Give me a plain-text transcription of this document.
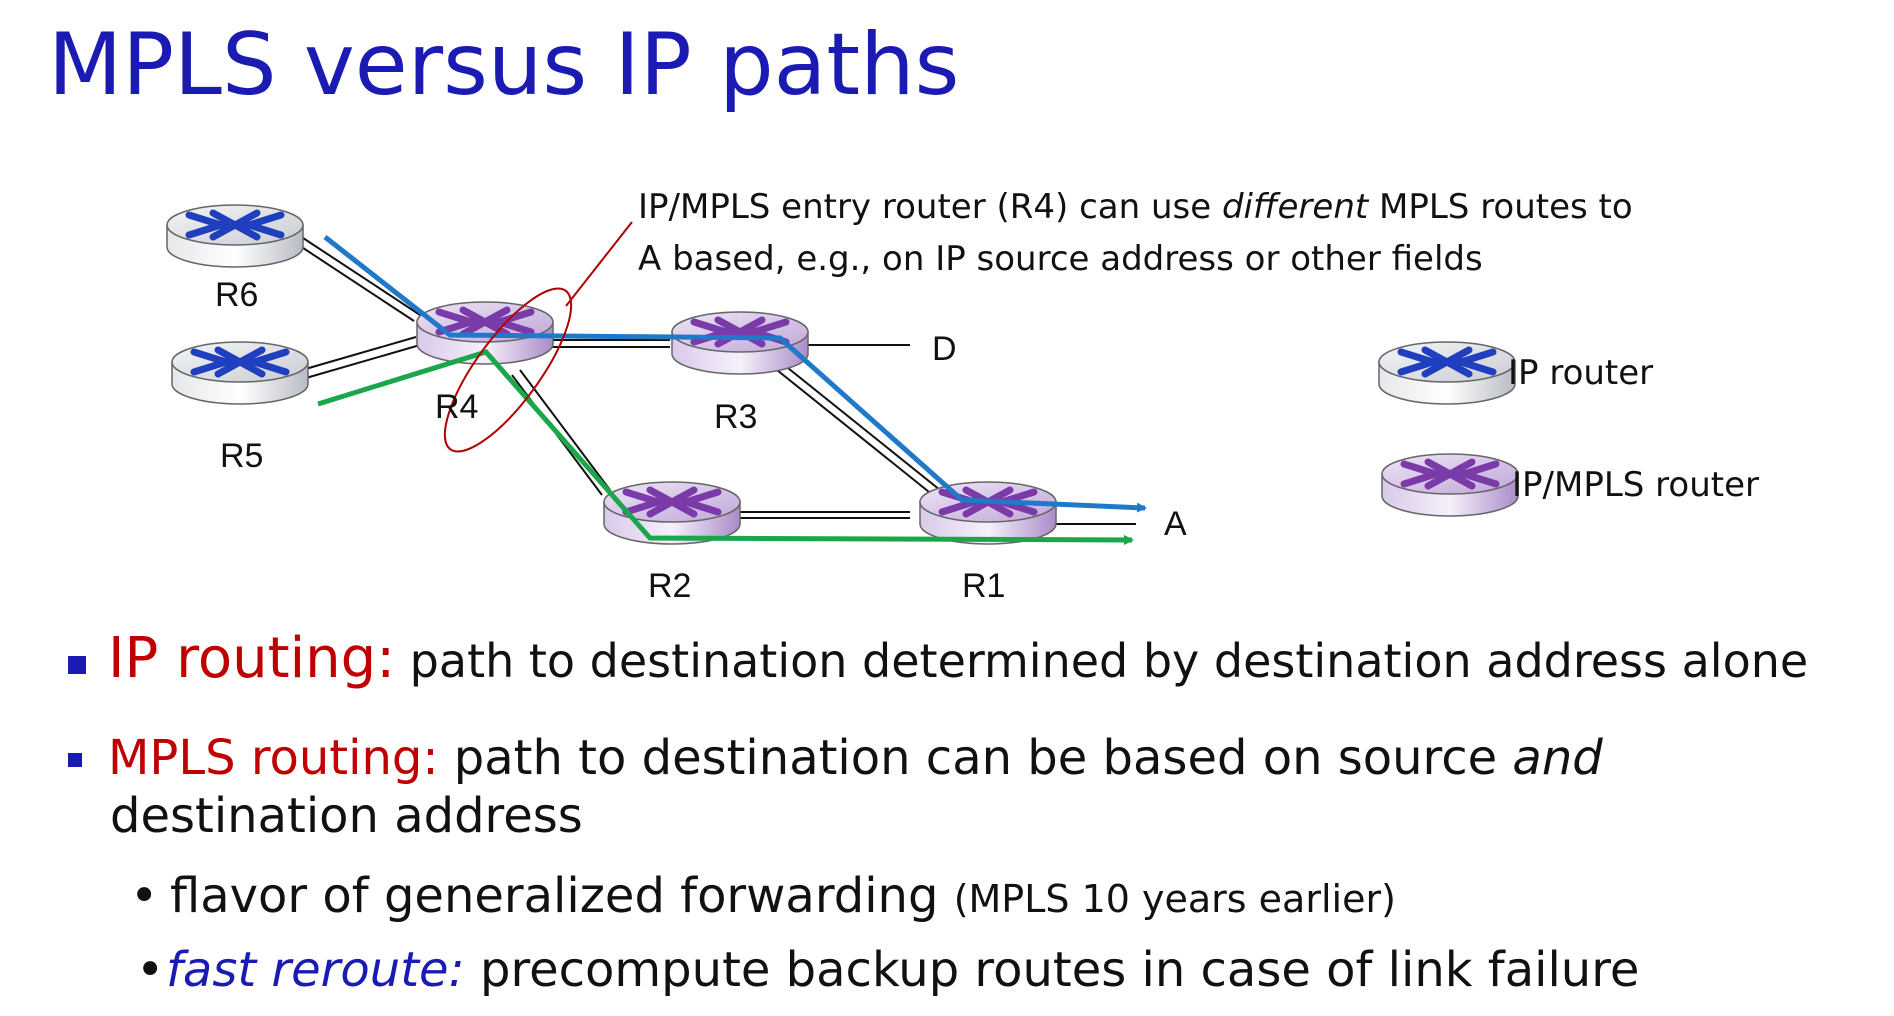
MPLS versus IP paths
R6
R5
R4	R3
R2	R1
D
A
IP router
IP/MPLS router
IP/MPLS entry router (R4) can use different MPLS routes to
A based, e.g., on IP source address or other fields
IP routing: path to destination determined by destination address alone
MPLS routing: path to destination can be based on source and
destination address
• flavor of generalized forwarding (MPLS 10 years earlier)
•fast reroute: precompute backup routes in case of link failure
